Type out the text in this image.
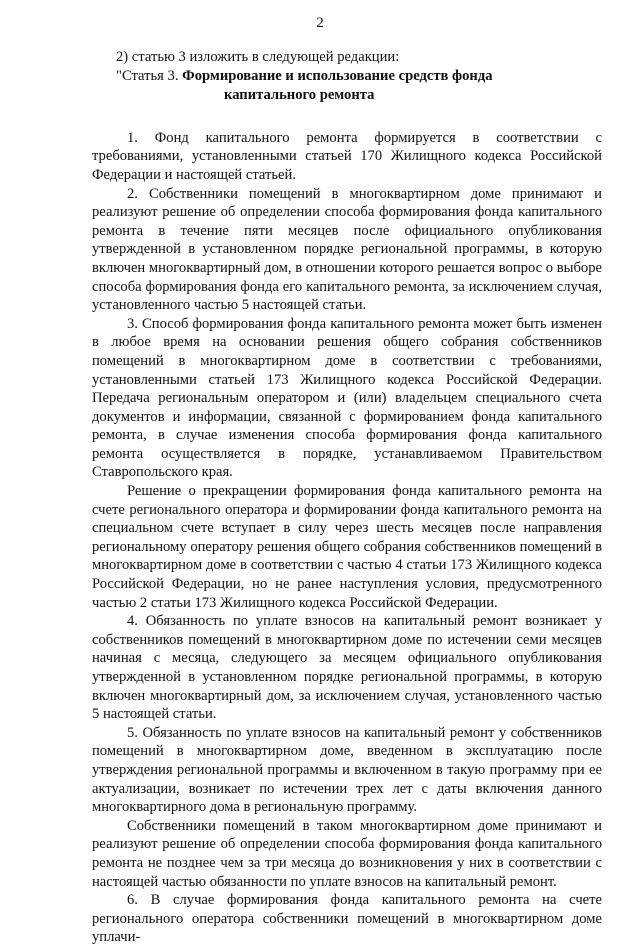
2

2) статью 3 изложить в следующей редакции:

"Статья 3. Формирование и использование средств фонда
капитального ремонта

1. Фонд капитального ремонта формируется в соответствии с требованиями, установленными статьей 170 Жилищного кодекса Российской Федерации и настоящей статьей.

2. Собственники помещений в многоквартирном доме принимают и реализуют решение об определении способа формирования фонда капитального ремонта в течение пяти месяцев после официального опубликования утвержденной в установленном порядке региональной программы, в которую включен многоквартирный дом, в отношении которого решается вопрос о выборе способа формирования фонда его капитального ремонта, за исключением случая, установленного частью 5 настоящей статьи.

3. Способ формирования фонда капитального ремонта может быть изменен в любое время на основании решения общего собрания собственников помещений в многоквартирном доме в соответствии с требованиями, установленными статьей 173 Жилищного кодекса Российской Федерации. Передача региональным оператором и (или) владельцем специального счета документов и информации, связанной с формированием фонда капитального ремонта, в случае изменения способа формирования фонда капитального ремонта осуществляется в порядке, устанавливаемом Правительством Ставропольского края.

Решение о прекращении формирования фонда капитального ремонта на счете регионального оператора и формировании фонда капитального ремонта на специальном счете вступает в силу через шесть месяцев после направления региональному оператору решения общего собрания собственников помещений в многоквартирном доме в соответствии с частью 4 статьи 173 Жилищного кодекса Российской Федерации, но не ранее наступления условия, предусмотренного частью 2 статьи 173 Жилищного кодекса Российской Федерации.

4. Обязанность по уплате взносов на капитальный ремонт возникает у собственников помещений в многоквартирном доме по истечении семи месяцев начиная с месяца, следующего за месяцем официального опубликования утвержденной в установленном порядке региональной программы, в которую включен многоквартирный дом, за исключением случая, установленного частью 5 настоящей статьи.

5. Обязанность по уплате взносов на капитальный ремонт у собственников помещений в многоквартирном доме, введенном в эксплуатацию после утверждения региональной программы и включенном в такую программу при ее актуализации, возникает по истечении трех лет с даты включения данного многоквартирного дома в региональную программу.

Собственники помещений в таком многоквартирном доме принимают и реализуют решение об определении способа формирования фонда капитального ремонта не позднее чем за три месяца до возникновения у них в соответствии с настоящей частью обязанности по уплате взносов на капитальный ремонт.

6. В случае формирования фонда капитального ремонта на счете регионального оператора собственники помещений в многоквартирном доме уплачи-
